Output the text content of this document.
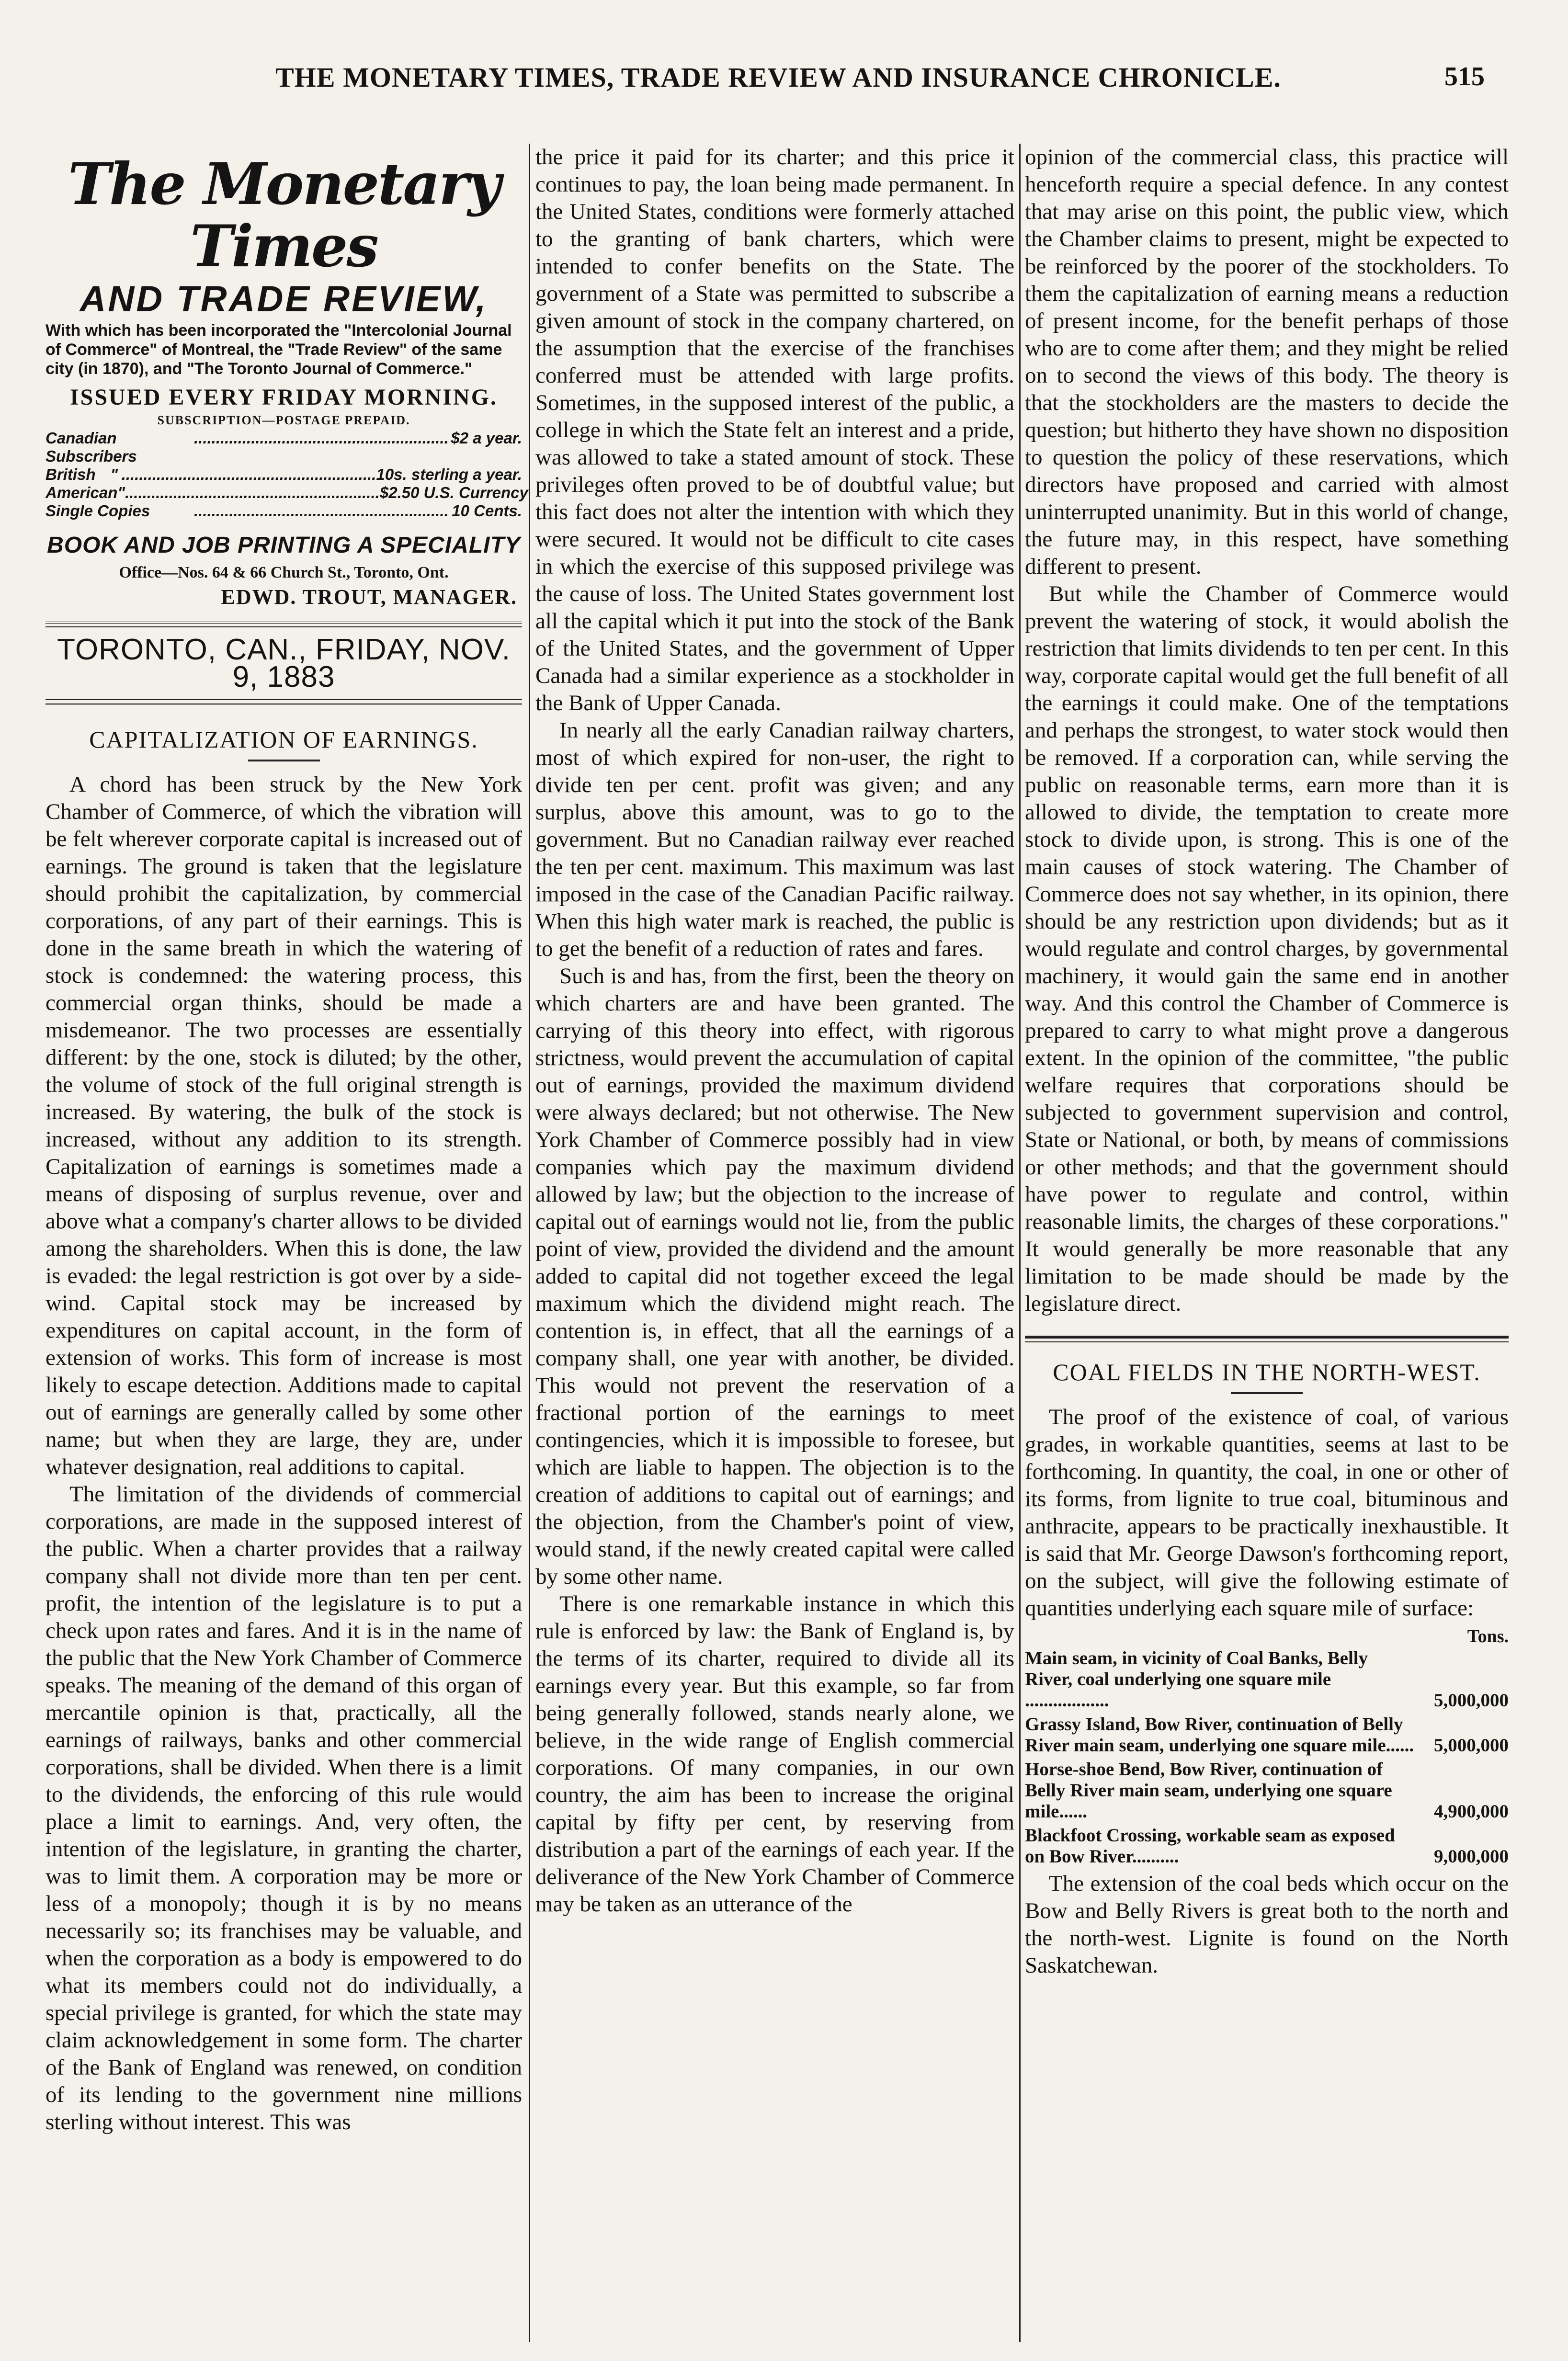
THE MONETARY TIMES, TRADE REVIEW AND INSURANCE CHRONICLE.	515
The Monetary Times
AND TRADE REVIEW,
With which has been incorporated the "Intercolonial Journal of Commerce" of Montreal, the "Trade Review" of the same city (in 1870), and "The Toronto Journal of Commerce."
ISSUED EVERY FRIDAY MORNING.
SUBSCRIPTION—POSTAGE PREPAID.
Canadian Subscribers
.......................................................... $2 a year.
British " .......................................................... 10s. sterling a year.
American " .......................................................... $2.50 U.S. Currency
Single Copies	.......................................................... 10 Cents.
BOOK AND JOB PRINTING A SPECIALITY
Office—Nos. 64 & 66 Church St., Toronto, Ont.
EDWD. TROUT, MANAGER.
TORONTO, CAN., FRIDAY, NOV. 9, 1883
CAPITALIZATION OF EARNINGS.

A chord has been struck by the New York Chamber of Commerce, of which the vibration will be felt wherever corporate capital is increased out of earnings. The ground is taken that the legislature should prohibit the capitalization, by commercial corporations, of any part of their earnings. This is done in the same breath in which the watering of stock is condemned: the watering process, this commercial organ thinks, should be made a misdemeanor. The two processes are essentially different: by the one, stock is diluted; by the other, the volume of stock of the full original strength is increased. By watering, the bulk of the stock is increased, without any addition to its strength. Capitalization of earnings is sometimes made a means of disposing of surplus revenue, over and above what a company's charter allows to be divided among the shareholders. When this is done, the law is evaded: the legal restriction is got over by a side-wind. Capital stock may be increased by expenditures on capital account, in the form of extension of works. This form of increase is most likely to escape detection. Additions made to capital out of earnings are generally called by some other name; but when they are large, they are, under whatever designation, real additions to capital.

The limitation of the dividends of commercial corporations, are made in the supposed interest of the public. When a charter provides that a railway company shall not divide more than ten per cent. profit, the intention of the legislature is to put a check upon rates and fares. And it is in the name of the public that the New York Chamber of Commerce speaks. The meaning of the demand of this organ of mercantile opinion is that, practically, all the earnings of railways, banks and other commercial corporations, shall be divided. When there is a limit to the dividends, the enforcing of this rule would place a limit to earnings. And, very often, the intention of the legislature, in granting the charter, was to limit them. A corporation may be more or less of a monopoly; though it is by no means necessarily so; its franchises may be valuable, and when the corporation as a body is empowered to do what its members could not do individually, a special privilege is granted, for which the state may claim acknowledgement in some form. The charter of the Bank of England was renewed, on condition of its lending to the government nine millions sterling without interest. This was

the price it paid for its charter; and this price it continues to pay, the loan being made permanent. In the United States, conditions were formerly attached to the granting of bank charters, which were intended to confer benefits on the State. The government of a State was permitted to subscribe a given amount of stock in the company chartered, on the assumption that the exercise of the franchises conferred must be attended with large profits. Sometimes, in the supposed interest of the public, a college in which the State felt an interest and a pride, was allowed to take a stated amount of stock. These privileges often proved to be of doubtful value; but this fact does not alter the intention with which they were secured. It would not be difficult to cite cases in which the exercise of this supposed privilege was the cause of loss. The United States government lost all the capital which it put into the stock of the Bank of the United States, and the government of Upper Canada had a similar experience as a stockholder in the Bank of Upper Canada.

In nearly all the early Canadian railway charters, most of which expired for non-user, the right to divide ten per cent. profit was given; and any surplus, above this amount, was to go to the government. But no Canadian railway ever reached the ten per cent. maximum. This maximum was last imposed in the case of the Canadian Pacific railway. When this high water mark is reached, the public is to get the benefit of a reduction of rates and fares.

Such is and has, from the first, been the theory on which charters are and have been granted. The carrying of this theory into effect, with rigorous strictness, would prevent the accumulation of capital out of earnings, provided the maximum dividend were always declared; but not otherwise. The New York Chamber of Commerce possibly had in view companies which pay the maximum dividend allowed by law; but the objection to the increase of capital out of earnings would not lie, from the public point of view, provided the dividend and the amount added to capital did not together exceed the legal maximum which the dividend might reach. The contention is, in effect, that all the earnings of a company shall, one year with another, be divided. This would not prevent the reservation of a fractional portion of the earnings to meet contingencies, which it is impossible to foresee, but which are liable to happen. The objection is to the creation of additions to capital out of earnings; and the objection, from the Chamber's point of view, would stand, if the newly created capital were called by some other name.

There is one remarkable instance in which this rule is enforced by law: the Bank of England is, by the terms of its charter, required to divide all its earnings every year. But this example, so far from being generally followed, stands nearly alone, we believe, in the wide range of English commercial corporations. Of many companies, in our own country, the aim has been to increase the original capital by fifty per cent, by reserving from distribution a part of the earnings of each year. If the deliverance of the New York Chamber of Commerce may be taken as an utterance of the

opinion of the commercial class, this practice will henceforth require a special defence. In any contest that may arise on this point, the public view, which the Chamber claims to present, might be expected to be reinforced by the poorer of the stockholders. To them the capitalization of earning means a reduction of present income, for the benefit perhaps of those who are to come after them; and they might be relied on to second the views of this body. The theory is that the stockholders are the masters to decide the question; but hitherto they have shown no disposition to question the policy of these reservations, which directors have proposed and carried with almost uninterrupted unanimity. But in this world of change, the future may, in this respect, have something different to present.

But while the Chamber of Commerce would prevent the watering of stock, it would abolish the restriction that limits dividends to ten per cent. In this way, corporate capital would get the full benefit of all the earnings it could make. One of the temptations and perhaps the strongest, to water stock would then be removed. If a corporation can, while serving the public on reasonable terms, earn more than it is allowed to divide, the temptation to create more stock to divide upon, is strong. This is one of the main causes of stock watering. The Chamber of Commerce does not say whether, in its opinion, there should be any restriction upon dividends; but as it would regulate and control charges, by governmental machinery, it would gain the same end in another way. And this control the Chamber of Commerce is prepared to carry to what might prove a dangerous extent. In the opinion of the committee, "the public welfare requires that corporations should be subjected to government supervision and control, State or National, or both, by means of commissions or other methods; and that the government should have power to regulate and control, within reasonable limits, the charges of these corporations." It would generally be more reasonable that any limitation to be made should be made by the legislature direct.

COAL FIELDS IN THE NORTH-WEST.

The proof of the existence of coal, of various grades, in workable quantities, seems at last to be forthcoming. In quantity, the coal, in one or other of its forms, from lignite to true coal, bituminous and anthracite, appears to be practically inexhaustible. It is said that Mr. George Dawson's forthcoming report, on the subject, will give the following estimate of quantities underlying each square mile of surface:

Tons.
Main seam, in vicinity of Coal Banks, Belly River, coal underlying one square mile ..................	5,000,000
Grassy Island, Bow River, continuation of Belly River main seam, underlying one square mile......	5,000,000
Horse-shoe Bend, Bow River, continuation of Belly River main seam, underlying one square mile......	4,900,000
Blackfoot Crossing, workable seam as exposed on Bow River..........	9,000,000

The extension of the coal beds which occur on the Bow and Belly Rivers is great both to the north and the north-west. Lignite is found on the North Saskatchewan.
